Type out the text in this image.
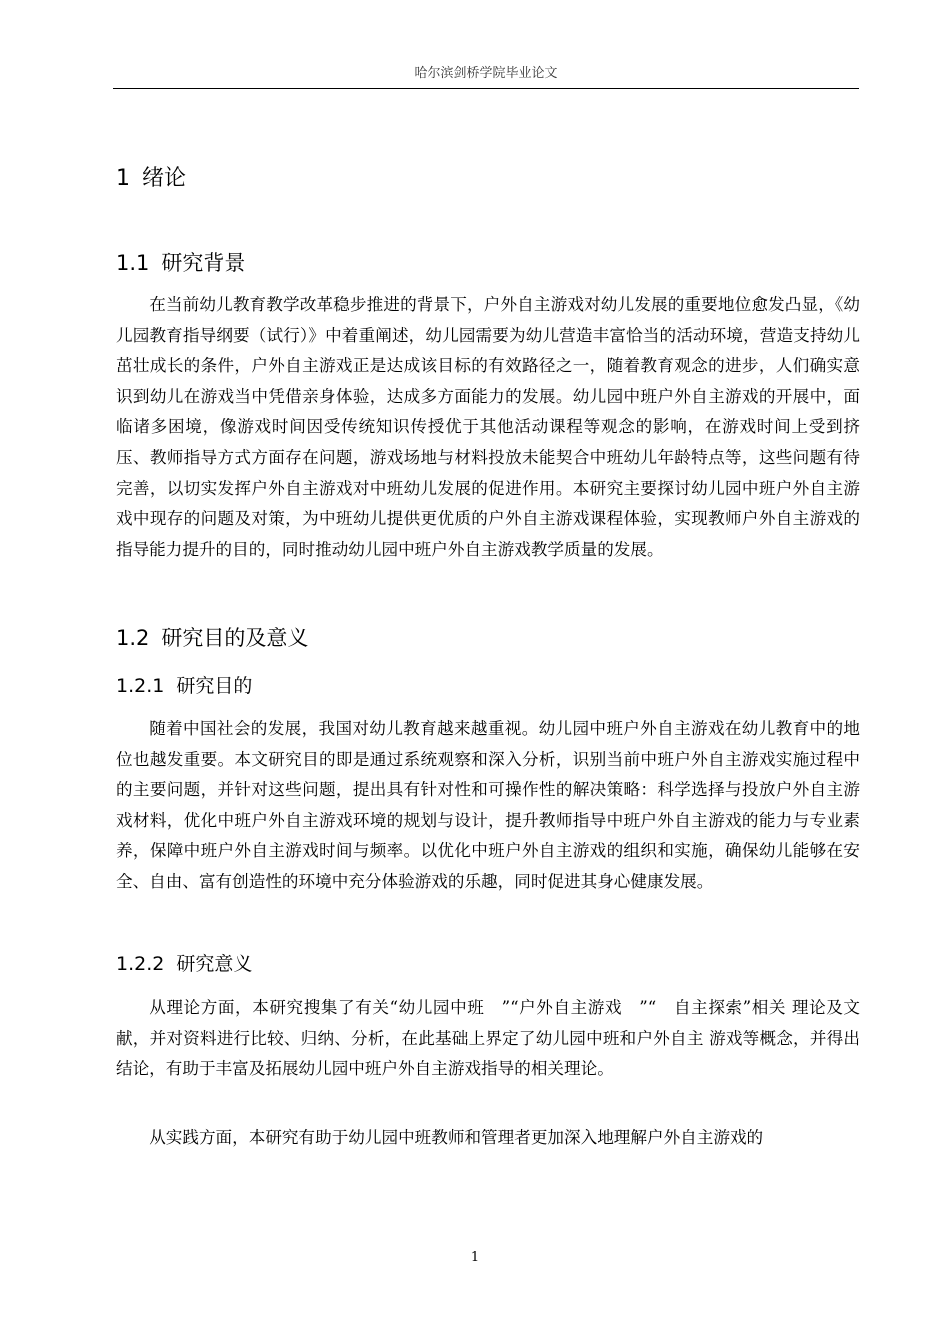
哈尔滨剑桥学院毕业论文
1 绪论
1.1 研究背景

在当前幼儿教育教学改革稳步推进的背景下，户外自主游戏对幼儿发展的重要地位愈发凸显，《幼儿园教育指导纲要（试行）》中着重阐述，幼儿园需要为幼儿营造丰富恰当的活动环境，营造支持幼儿茁壮成长的条件，户外自主游戏正是达成该目标的有效路径之一，随着教育观念的进步，人们确实意识到幼儿在游戏当中凭借亲身体验，达成多方面能力的发展。幼儿园中班户外自主游戏的开展中，面临诸多困境，像游戏时间因受传统知识传授优于其他活动课程等观念的影响，在游戏时间上受到挤压、教师指导方式方面存在问题，游戏场地与材料投放未能契合中班幼儿年龄特点等，这些问题有待完善，以切实发挥户外自主游戏对中班幼儿发展的促进作用。本研究主要探讨幼儿园中班户外自主游戏中现存的问题及对策，为中班幼儿提供更优质的户外自主游戏课程体验，实现教师户外自主游戏的指导能力提升的目的，同时推动幼儿园中班户外自主游戏教学质量的发展。

1.2 研究目的及意义
1.2.1 研究目的

随着中国社会的发展，我国对幼儿教育越来越重视。幼儿园中班户外自主游戏在幼儿教育中的地位也越发重要。本文研究目的即是通过系统观察和深入分析，识别当前中班户外自主游戏实施过程中的主要问题，并针对这些问题，提出具有针对性和可操作性的解决策略：科学选择与投放户外自主游戏材料，优化中班户外自主游戏环境的规划与设计，提升教师指导中班户外自主游戏的能力与专业素养，保障中班户外自主游戏时间与频率。以优化中班户外自主游戏的组织和实施，确保幼儿能够在安全、自由、富有创造性的环境中充分体验游戏的乐趣，同时促进其身心健康发展。

1.2.2 研究意义

从理论方面，本研究搜集了有关“幼儿园中班　”“户外自主游戏　”“　自主探索”相关 理论及文献，并对资料进行比较、归纳、分析，在此基础上界定了幼儿园中班和户外自主 游戏等概念，并得出结论，有助于丰富及拓展幼儿园中班户外自主游戏指导的相关理论。

从实践方面，本研究有助于幼儿园中班教师和管理者更加深入地理解户外自主游戏的

1
